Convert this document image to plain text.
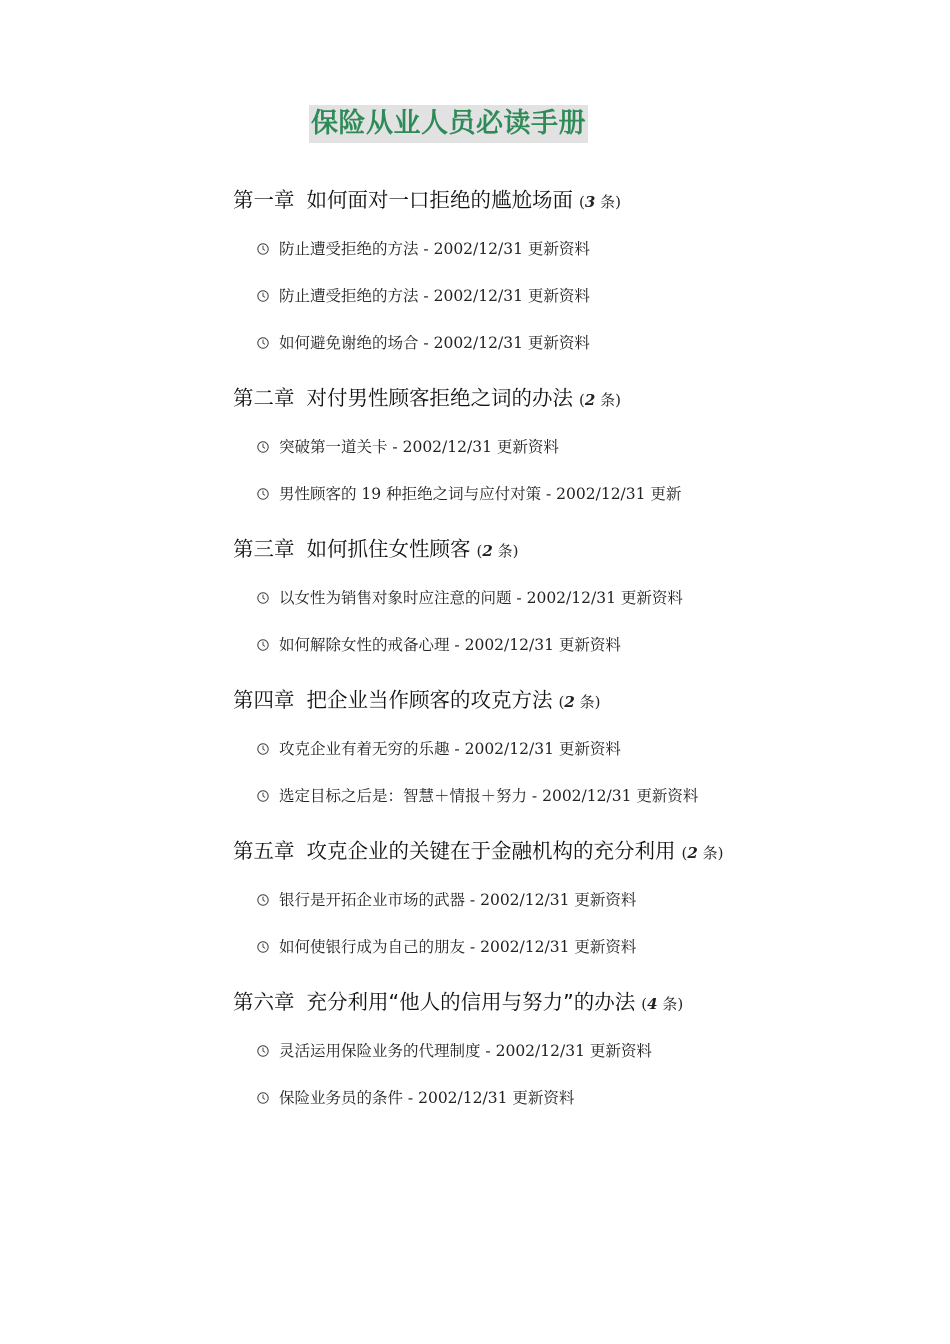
保险从业人员必读手册
第一章 如何面对一口拒绝的尴尬场面 (3 条)
防止遭受拒绝的方法 - 2002/12/31 更新资料
防止遭受拒绝的方法 - 2002/12/31 更新资料
如何避免谢绝的场合 - 2002/12/31 更新资料
第二章 对付男性顾客拒绝之词的办法 (2 条)
突破第一道关卡 - 2002/12/31 更新资料
男性顾客的 19 种拒绝之词与应付对策 - 2002/12/31 更新
第三章 如何抓住女性顾客 (2 条)
以女性为销售对象时应注意的问题 - 2002/12/31 更新资料
如何解除女性的戒备心理 - 2002/12/31 更新资料
第四章 把企业当作顾客的攻克方法 (2 条)
攻克企业有着无穷的乐趣 - 2002/12/31 更新资料
选定目标之后是：智慧＋情报＋努力 - 2002/12/31 更新资料
第五章 攻克企业的关键在于金融机构的充分利用 (2 条)
银行是开拓企业市场的武器 - 2002/12/31 更新资料
如何使银行成为自己的朋友 - 2002/12/31 更新资料
第六章 充分利用“他人的信用与努力”的办法 (4 条)
灵活运用保险业务的代理制度 - 2002/12/31 更新资料
保险业务员的条件 - 2002/12/31 更新资料
